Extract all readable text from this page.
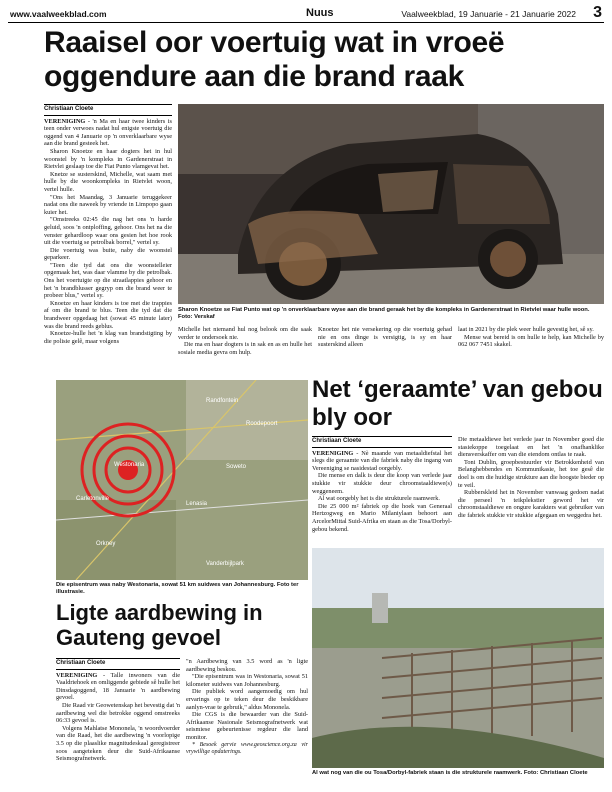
www.vaalweekblad.com	Nuus	Vaalweekblad, 19 Januarie - 21 Januarie 2022 3
Raaisel oor voertuig wat in vroeë oggendure aan die brand raak
Christiaan Cloete

VERENIGING - 'n Ma en haar twee kinders is teen onder verwoes nadat hul enigste voertuig die oggend van 4 Januarie op 'n onverklaarbare wyse aan die brand gesteek het.

Sharon Knoetze en haar dogters het in hul woonstel by 'n kompleks in Gardenerstraat in Rietvlei geslaap toe die Fiat Punto vlamgevat het.

Knetze se susterskind, Michelle, wat saam met hulle by die woonkompleks in Rietvlei woon, vertel hulle.

"Ons het Maandag, 3 Januarie teruggekeer nadat ons die naweek by vriende in Limpopo gaan kuier het.

"Omstreeks 02:45 die nag het ons 'n harde geluid, soos 'n ontploffing, gehoor. Ons het na die venster gehardloop waar ons gesien het hoe rook uit die voertuig se petrolbak borrel," vertel sy.

Die voertuig was buite, naby die woonstel geparkeer.

"Teen die tyd dat ons die woonstelleier opgemaak het, was daar vlamme by die petrolbak. Ons het voertuigte op die straatlappies gehoor en het 'n brandblusser gegryp om die brand weer te probeer blus," vertel sy.

Knoetze en haar kinders is toe met die trappies af om die brand te blus. Teen die tyd dat die brandweer opgedaag het (sowat 45 minute later) was die brand reeds geblus.

Knoetze-hulle het 'n klag van brandstigting by die polisie gelê, maar volgens

Sharon Knoetze se Fiat Punto wat op 'n onverklaarbare wyse aan die brand geraak het by die kompleks in Gardenerstraat in Rietvlei waar hulle woon. Foto: Verskaf

Michelle het niemand hul nog belook om die saak verder te ondersoek nie.

Die ma en haar dogters is in sak en as en hulle het sosiale media gevra om hulp.

Knoetze het nie versekering op die voertuig gehad nie en ons dinge is versigtig, is sy en haar susterskind alleen

laat in 2021 by die plek weer hulle gevestig het, sê sy.

Mense wat bereid is om hulle te help, kan Michelle by 062 067 7451 skakel.

Randfontein
Roodepoort
Soweto
Westonaria
Carletonville
Lenasia
Orkney
Vanderbijlpark
Die episentrum was naby Westonaria, sowat 51 km suidwes van Johannesburg. Foto ter illustrasie.
Ligte aardbewing in Gauteng gevoel
Christiaan Cloete

VERENIGING - Talle inwoners van die Vaaldriehoek en omliggende gebiede sê hulle het Dinsdagoggend, 18 Januarie 'n aardbewing gevoel.

Die Raad vir Geowetenskap het bevestig dat 'n aardbewing wel die betrokke oggend omstreeks 06:33 gevoel is.

Volgens Mahlatse Mononela, 'n woordvoerder van die Raad, het die aardbewing 'n voorlopige 3.5 op die plaaslike magnitudeskaal geregistreer soos aangeteken deur die Suid-Afrikaanse Seismografnetwerk.

"n Aardbewing van 3.5 word as 'n ligte aardbewing beskou.

"Die episentrum was in Westonaria, sowat 51 kilometer suidwes van Johannesburg.

Die publiek word aangemoedig om hul ervarings op te teken deur die beskikbare aanlyn-vrae te gebruik," aldus Mononela.

Die CGS is die bewaarder van die Suid-Afrikaanse Nasionale Seismografnetwerk wat seismiese gebeurtenisse regdeur die land monitor.

* Besoek gervie www.geoscience.org.za vir vrywillige opdaterings.

Net ‘geraamte’ van gebou bly oor
Christiaan Cloete

VERENIGING - Nè maande van metaaldiefstal het slegs die geraamte van die fabriek naby die ingang van Vereeniging se nasidestad oorgebly.

Die mense en dalk is deur die koop van verlede jaar stukkie vir stukkie deur chroomstaaldiewe(s) weggeneem.

Al wat oorgebly het is die strukturele raamwerk.

Die 25 000 m² fabriek op die hoek van Generaal Hertzogweg en Mario Milaniylaan behoort aan ArcelorMittal Suid-Afrika en staan as die Tosa/Dorbyl-gebou bekend.

Die metaaldiewe het verlede jaar in November goed die stasiekoppe toegelaat en het 'n onafhanklike diensverskaffer om van die eiendom ontlas te raak.

Toni Dublin, groepbestuurder vir Betrokkenheid van Belanghebbendes en Kommunikasie, het toe gesê die doel is om die huidige strukture aan die hoogste bieder op te veil.

Rubberskleid het in November vanwaag gedoen nadat die perseel 'n teikplekstier geword het vir chroomstaaldiewe en ongure karakters wat gebruiker van die fabriek stukkie vir stukkie afgegaan en weggedra het.

Al wat nog van die ou Tosa/Dorbyl-fabriek staan is die strukturele raamwerk. Foto: Christiaan Cloete
